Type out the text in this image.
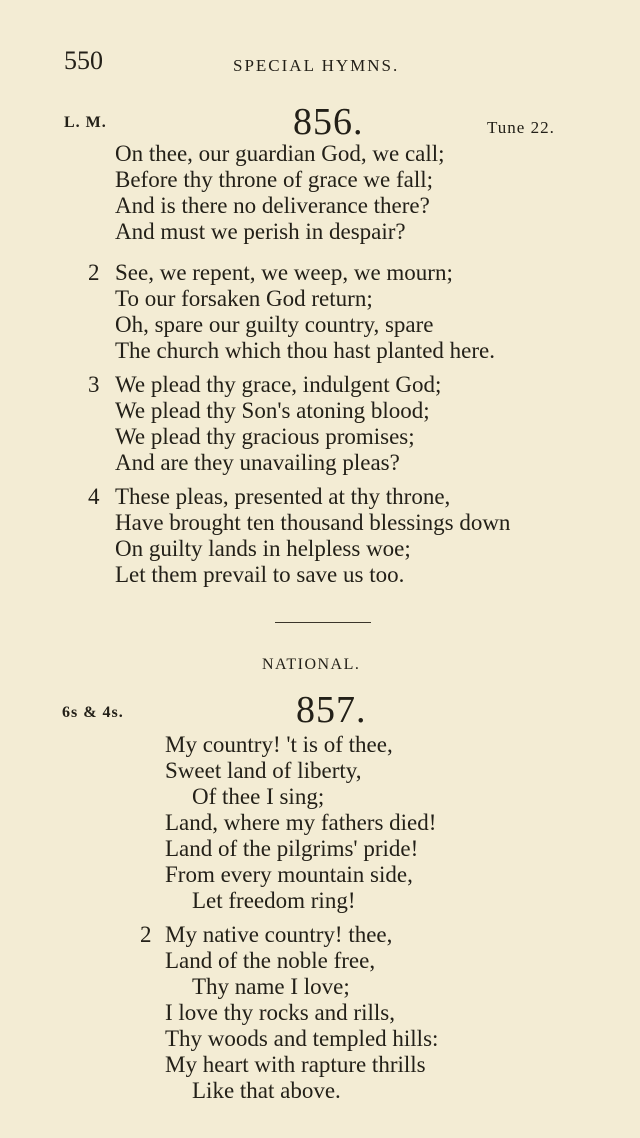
550	SPECIAL HYMNS.
L. M.	856.	Tune 22.
On thee, our guardian God, we call;
Before thy throne of grace we fall;
And is there no deliverance there?
And must we perish in despair?
2 See, we repent, we weep, we mourn;
To our forsaken God return;
Oh, spare our guilty country, spare
The church which thou hast planted here.
3 We plead thy grace, indulgent God;
We plead thy Son's atoning blood;
We plead thy gracious promises;
And are they unavailing pleas?
4 These pleas, presented at thy throne,
Have brought ten thousand blessings down
On guilty lands in helpless woe;
Let them prevail to save us too.
NATIONAL.
6s & 4s.	857.
My country! 't is of thee,
Sweet land of liberty,
Of thee I sing;
Land, where my fathers died!
Land of the pilgrims' pride!
From every mountain side,
Let freedom ring!
2 My native country! thee,
Land of the noble free,
Thy name I love;
I love thy rocks and rills,
Thy woods and templed hills:
My heart with rapture thrills
Like that above.
